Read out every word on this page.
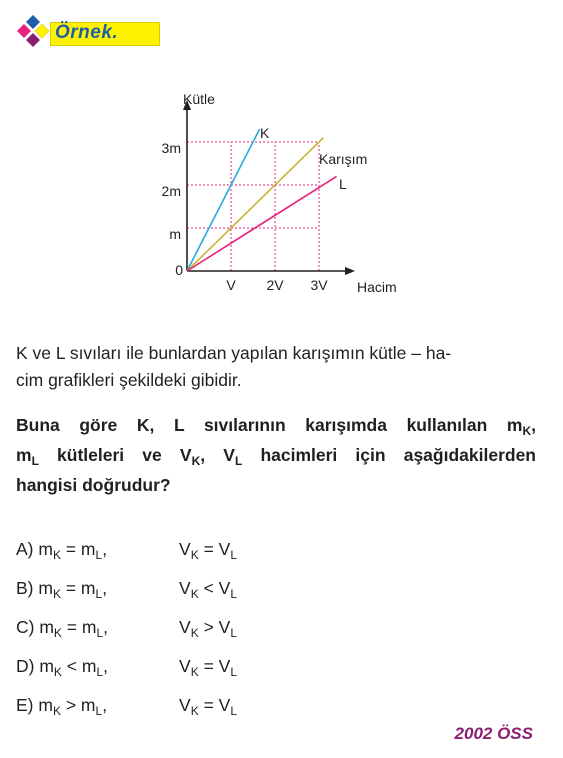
Örnek.
Kütle
Hacim
3m
2m
m
0
V 2V 3V
K
Karışım
L
K ve L sıvıları ile bunlardan yapılan karışımın kütle – ha-
cim grafikleri şekildeki gibidir.
Buna göre K, L sıvılarının karışımda kullanılan $m_K$,
$m_L$ kütleleri ve $V_K$, $V_L$ hacimleri için aşağıdakilerden
hangisi doğrudur?
A) $m_K = m_L$,	$V_K = V_L$
B) $m_K = m_L$,	$V_K < V_L$
C) $m_K = m_L$,	$V_K > V_L$
D) $m_K < m_L$,	$V_K = V_L$
E) $m_K > m_L$,	$V_K = V_L$
2002 ÖSS
